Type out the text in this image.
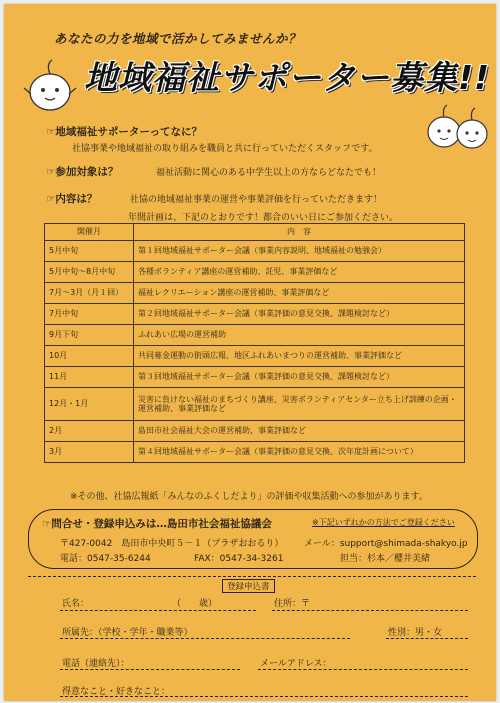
あなたの力を地域で活かしてみませんか？
地域福祉サポーター募集!!
☞地域福祉サポーターってなに？
社協事業や地域福祉の取り組みを職員と共に行っていただくスタッフです。
☞参加対象は？	福祉活動に関心のある中学生以上の方ならどなたでも！
☞内容は？	社協の地域福祉事業の運営や事業評価を行っていただきます！
年間計画は、下記のとおりです！都合のいい日にご参加ください。
開催月	内　容
5月中旬	第１回地域福祉サポーター会議（事業内容説明、地域福祉の勉強会）
5月中旬～8月中旬	各種ボランティア講座の運営補助、託児、事業評価など
7月～3月（月１回）	福祉レクリエーション講座の運営補助、事業評価など
7月中旬	第２回地域福祉サポーター会議（事業評価の意見交換、課題検討など）
9月下旬	ふれあい広場の運営補助
10月	共同募金運動の街頭広報、地区ふれあいまつりの運営補助、事業評価など
11月	第３回地域福祉サポーター会議（事業評価の意見交換、課題検討など）
12月・1月	災害に負けない福祉のまちづくり講座、災害ボランティアセンター立ち上げ訓練の企画・運営補助、事業評価など
2月	島田市社会福祉大会の運営補助、事業評価など
3月	第４回地域福祉サポーター会議（事業評価の意見交換、次年度計画について）
※その他、社協広報紙「みんなのふくしだより」の評価や収集活動への参加があります。
☞問合せ・登録申込みは…島田市社会福祉協議会	※下記いずれかの方法でご登録ください
〒427-0042　島田市中央町５－１（プラザおおるり） メール：support@shimada-shakyo.jp
電話：0547-35-6244	FAX：0547-34-3261	担当：杉本／櫻井美緒
登録申込書
氏名：	（　　歳）	住所：〒
所属先：（学校・学年・職業等）	性別：男・女
電話（連絡先）：	メールアドレス：
得意なこと・好きなこと：
